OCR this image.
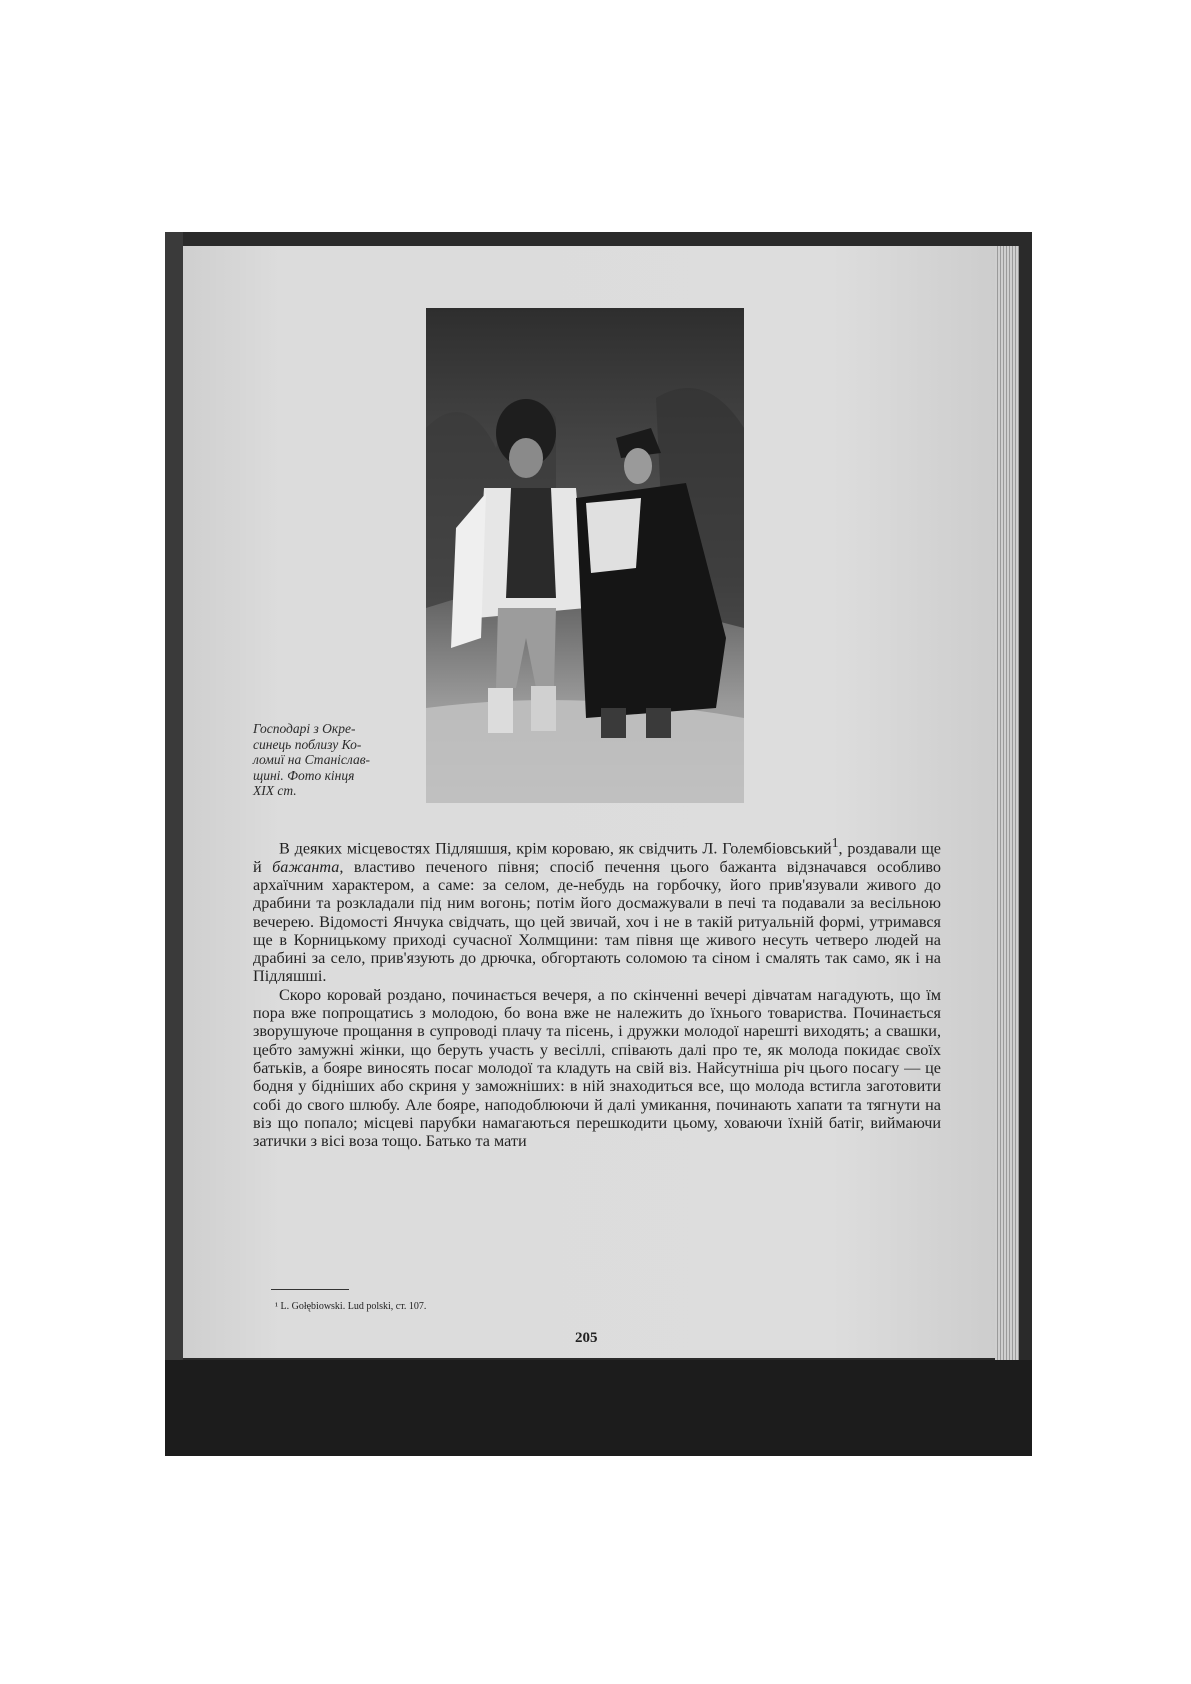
Господарі з Окре-
синець поблизу Ко-
ломиї на Станіслав-
щині. Фото кінця
XIX ст.

В деяких місцевостях Підляшшя, крім короваю, як свідчить Л. Голембіовський$^1$, роздавали ще й бажанта, властиво печеного півня; спосіб печення цього бажанта відзначався особливо архаїчним характером, а саме: за селом, де-небудь на горбочку, його прив'язували живого до драбини та розкладали під ним вогонь; потім його досмажували в печі та подавали за весільною вечерею. Відомості Янчука свідчать, що цей звичай, хоч і не в такій ритуальній формі, утримався ще в Корницькому приході сучасної Холмщини: там півня ще живого несуть четверо людей на драбині за село, прив'язують до дрючка, обгортають соломою та сіном і смалять так само, як і на Підляшші.

Скоро коровай роздано, починається вечеря, а по скінченні вечері дівчатам нагадують, що їм пора вже попрощатись з молодою, бо вона вже не належить до їхнього товариства. Починається зворушуюче прощання в супроводі плачу та пісень, і дружки молодої нарешті виходять; а свашки, цебто замужні жінки, що беруть участь у весіллі, співають далі про те, як молода покидає своїх батьків, а бояре виносять посаг молодої та кладуть на свій віз. Найсутніша річ цього посагу — це бодня у бідніших або скриня у заможніших: в ній знаходиться все, що молода встигла заготовити собі до свого шлюбу. Але бояре, наподоблюючи й далі умикання, починають хапати та тягнути на віз що попало; місцеві парубки намагаються перешкодити цьому, ховаючи їхній батіг, виймаючи затички з вісі воза тощо. Батько та мати

¹ L. Gołębiowski. Lud polski, ст. 107.
205
